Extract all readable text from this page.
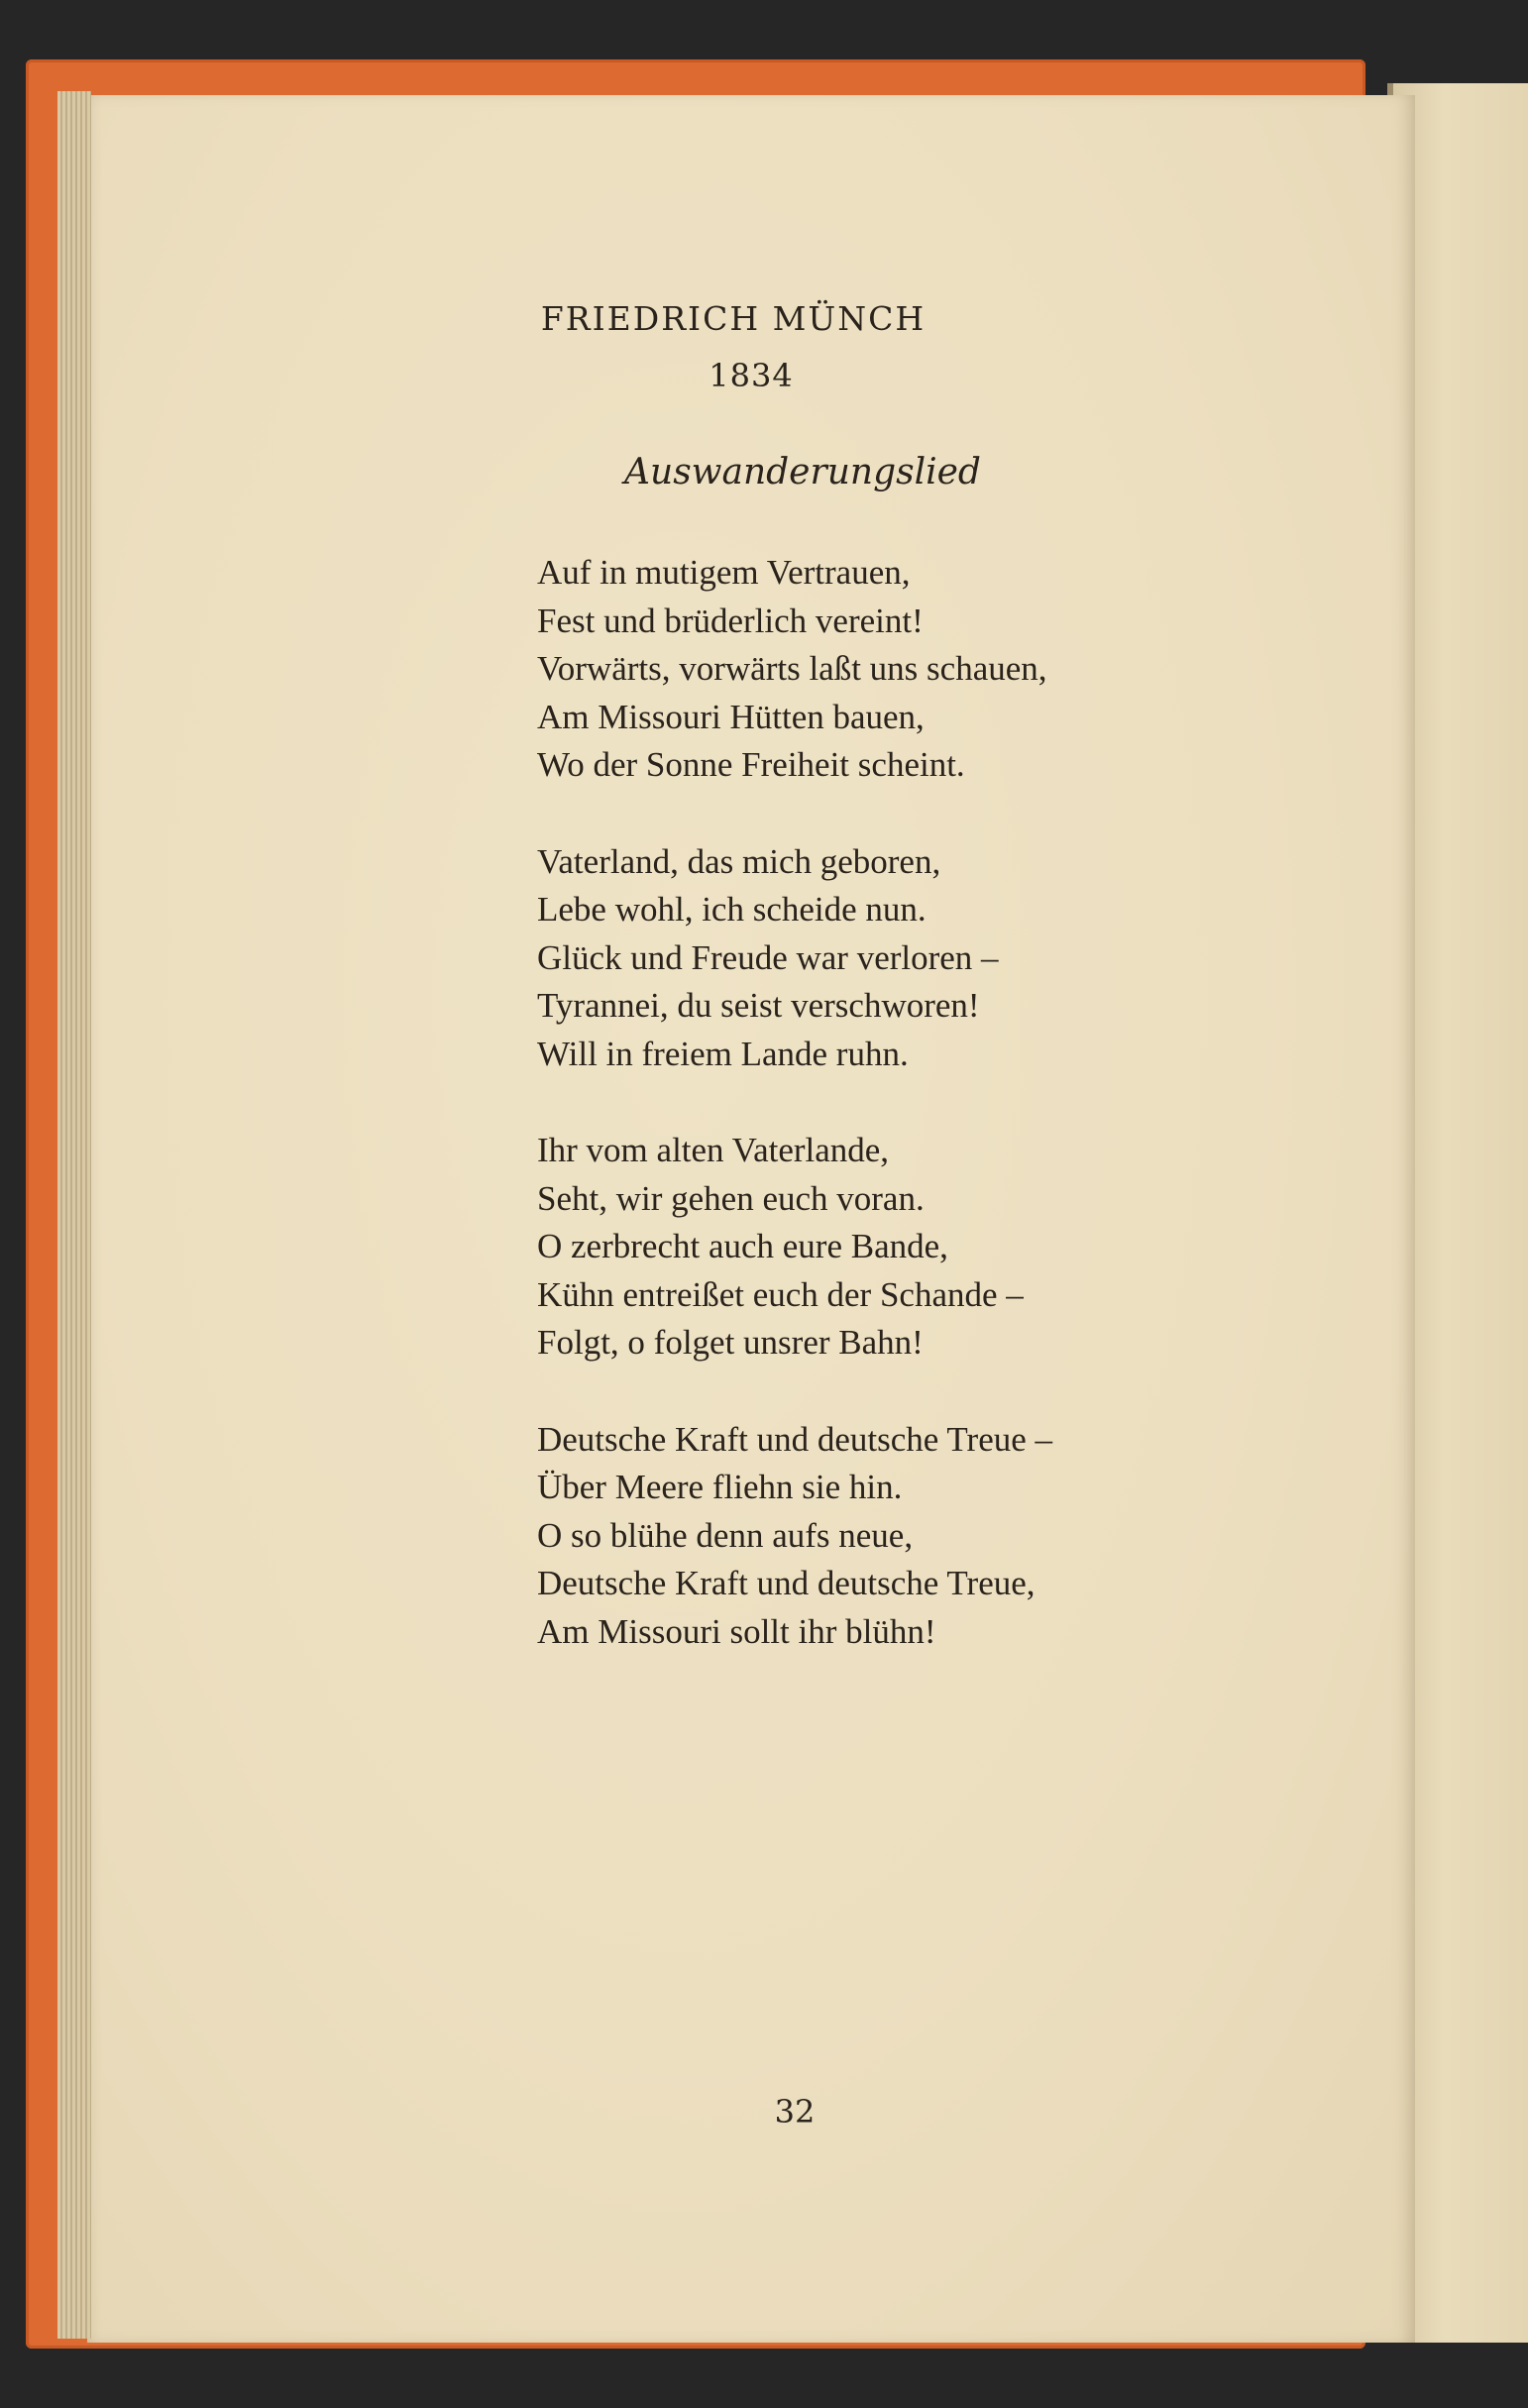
FRIEDRICH MÜNCH
1834
Auswanderungslied
Auf in mutigem Vertrauen,
Fest und brüderlich vereint!
Vorwärts, vorwärts laßt uns schauen,
Am Missouri Hütten bauen,
Wo der Sonne Freiheit scheint.
Vaterland, das mich geboren,
Lebe wohl, ich scheide nun.
Glück und Freude war verloren –
Tyrannei, du seist verschworen!
Will in freiem Lande ruhn.
Ihr vom alten Vaterlande,
Seht, wir gehen euch voran.
O zerbrecht auch eure Bande,
Kühn entreißet euch der Schande –
Folgt, o folget unsrer Bahn!
Deutsche Kraft und deutsche Treue –
Über Meere fliehn sie hin.
O so blühe denn aufs neue,
Deutsche Kraft und deutsche Treue,
Am Missouri sollt ihr blühn!
32
